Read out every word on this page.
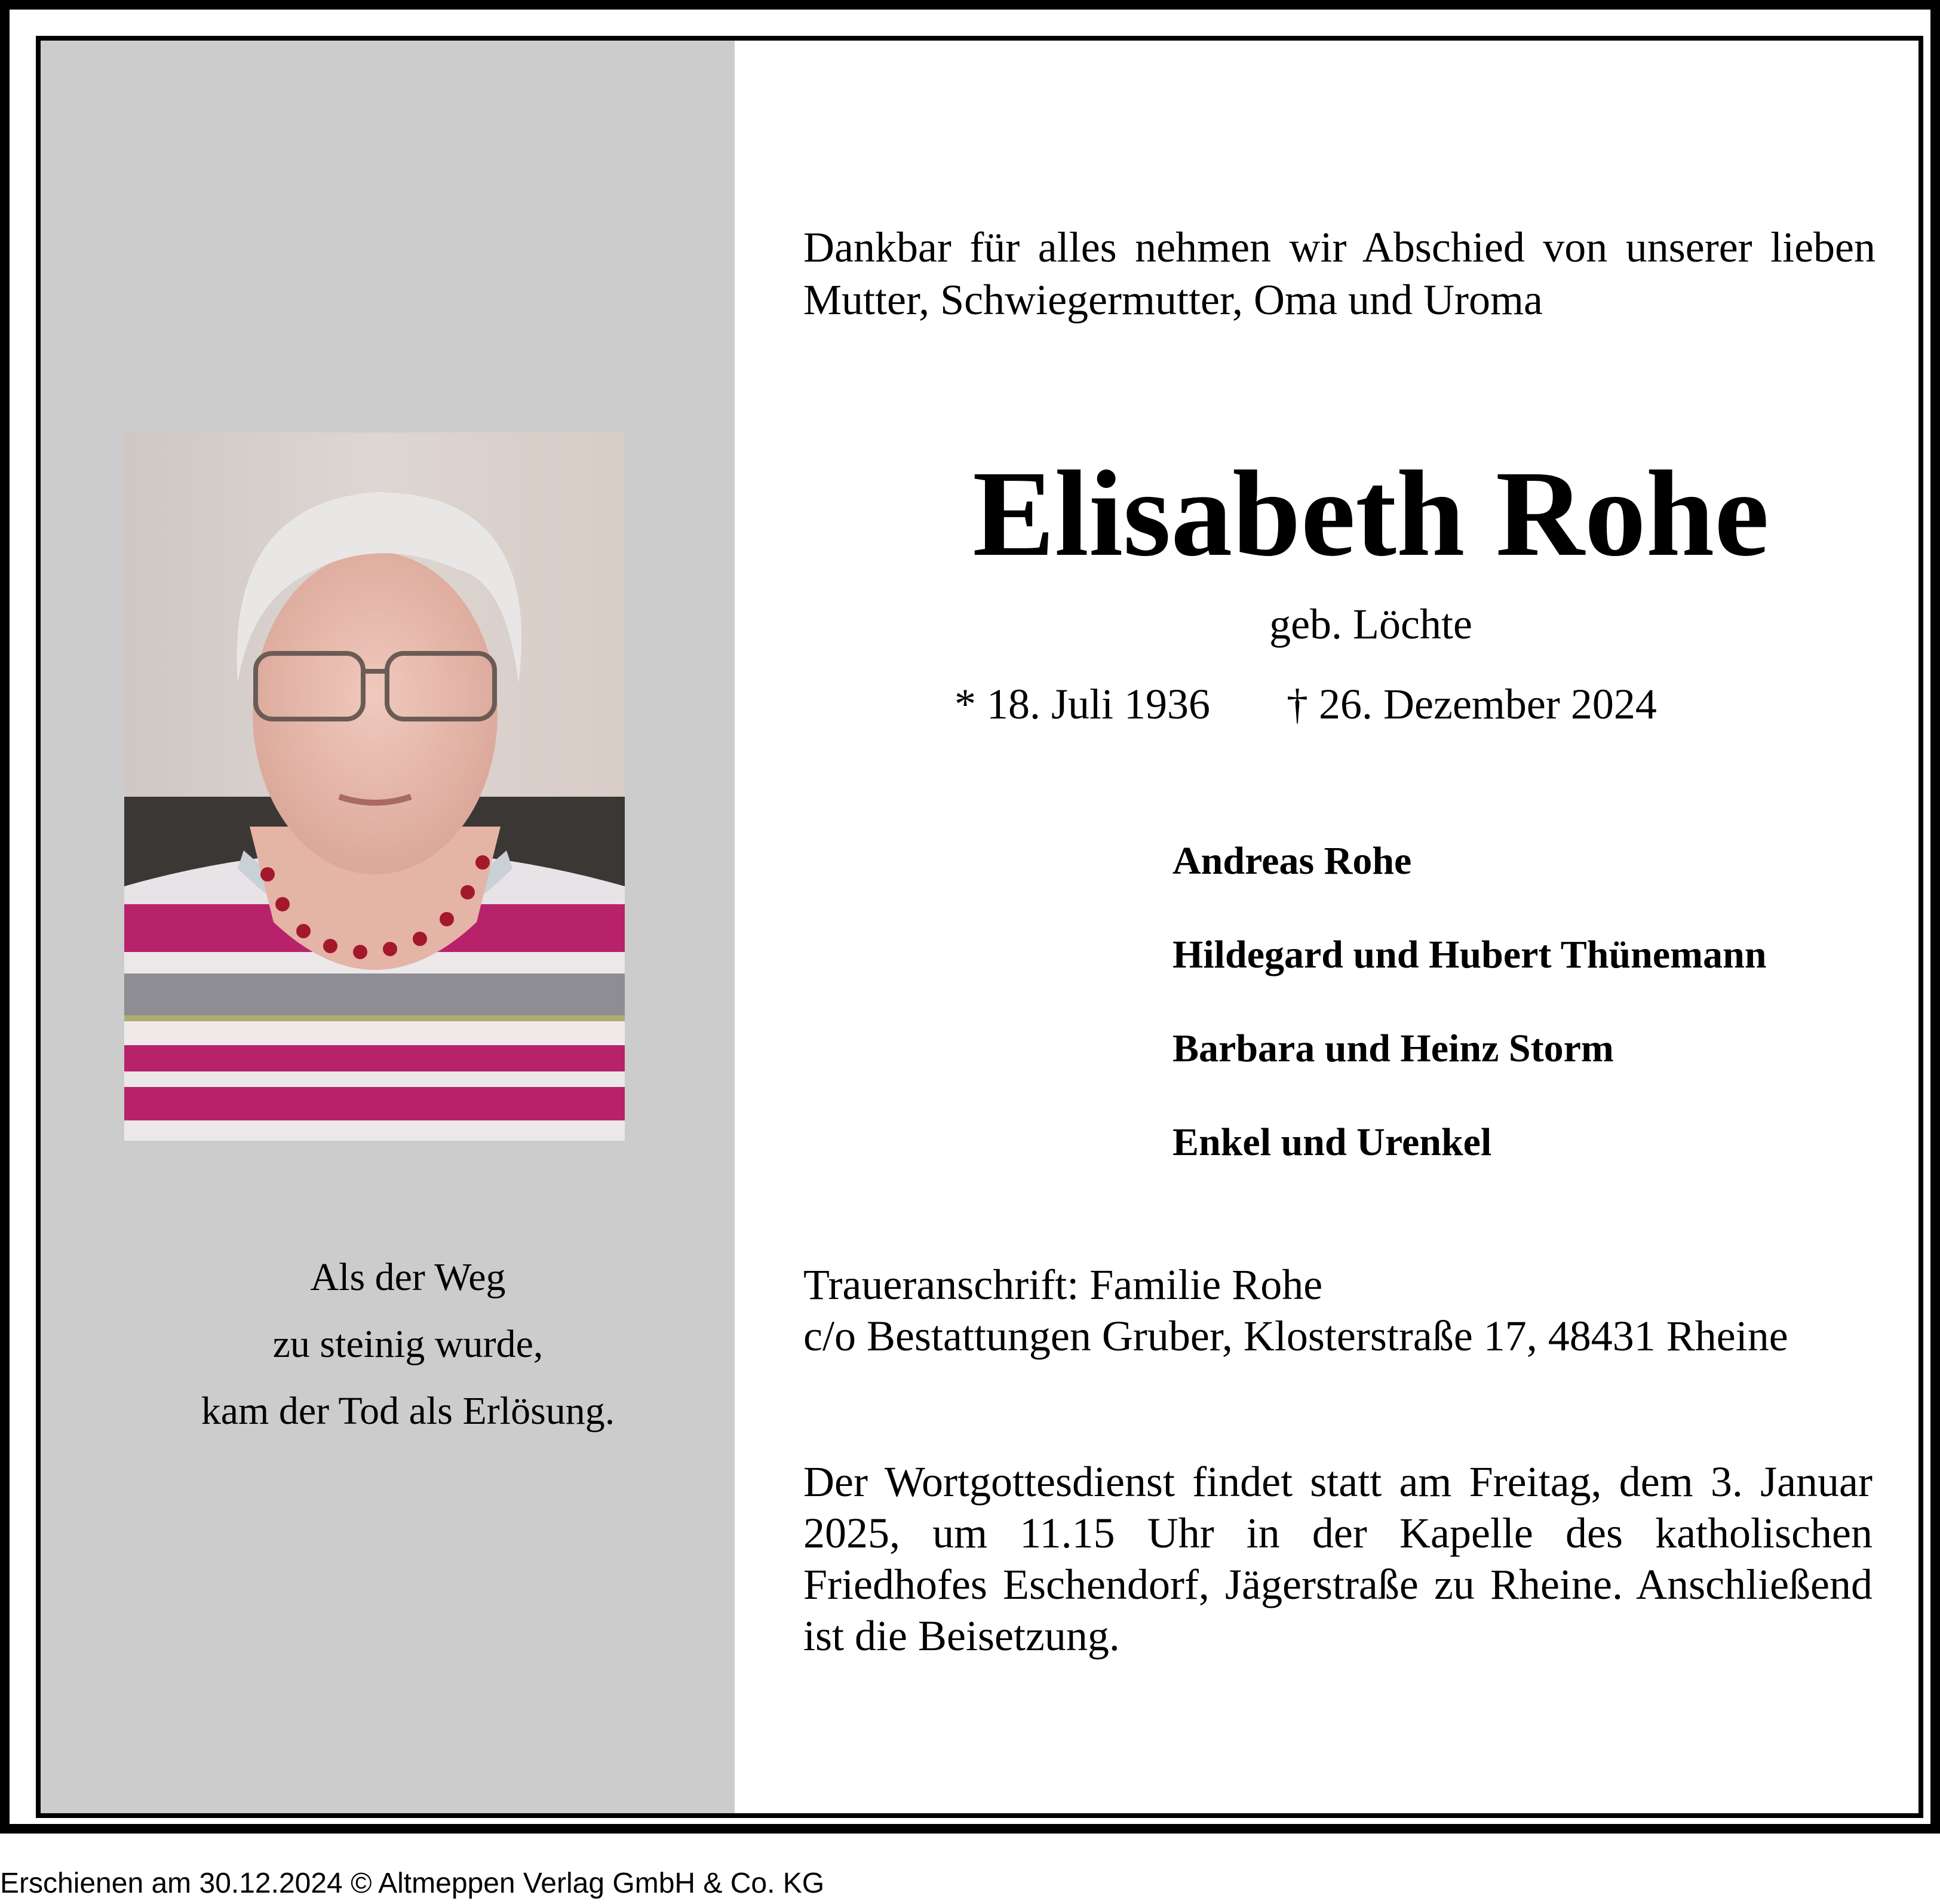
Als der Weg
zu steinig wurde,
kam der Tod als Erlösung.
Dankbar für alles nehmen wir Abschied von unserer lieben Mutter, Schwiegermutter, Oma und Uroma
Elisabeth Rohe
geb. Löchte
* 18. Juli 1936 † 26. Dezember 2024
Andreas Rohe
Hildegard und Hubert Thünemann
Barbara und Heinz Storm
Enkel und Urenkel
Traueranschrift: Familie Rohe
c/o Bestattungen Gruber, Klosterstraße 17, 48431 Rheine
Der Wortgottesdienst findet statt am Freitag, dem 3. Januar 2025, um 11.15 Uhr in der Kapelle des katholischen Friedhofes Eschendorf, Jägerstraße zu Rheine. Anschließend ist die Beisetzung.
Erschienen am 30.12.2024 © Altmeppen Verlag GmbH & Co. KG
